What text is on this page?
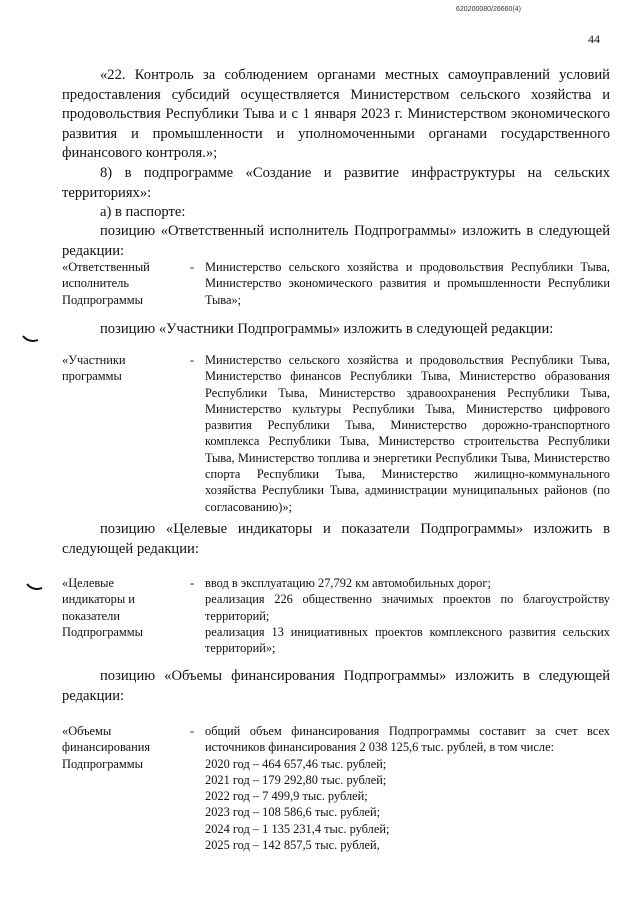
620200080/26660(4)
44

«22. Контроль за соблюдением органами местных самоуправлений условий предоставления субсидий осуществляется Министерством сельского хозяйства и продовольствия Республики Тыва и с 1 января 2023 г. Министерством экономического развития и промышленности и уполномоченными органами государственного финансового контроля.»;

8) в подпрограмме «Создание и развитие инфраструктуры на сельских территориях»:

а) в паспорте:

позицию «Ответственный исполнитель Подпрограммы» изложить в следующей редакции:

«Ответственный исполнитель Подпрограммы
- Министерство сельского хозяйства и продовольствия Республики Тыва, Министерство экономического развития и промышленности Республики Тыва»;

позицию «Участники Подпрограммы» изложить в следующей редакции:

«Участники программы
- Министерство сельского хозяйства и продовольствия Республики Тыва, Министерство финансов Республики Тыва, Министерство образования Республики Тыва, Министерство здравоохранения Республики Тыва, Министерство культуры Республики Тыва, Министерство цифрового развития Республики Тыва, Министерство дорожно-транспортного комплекса Республики Тыва, Министерство строительства Республики Тыва, Министерство топлива и энергетики Республики Тыва, Министерство спорта Республики Тыва, Министерство жилищно-коммунального хозяйства Республики Тыва, администрации муниципальных районов (по согласованию)»;

позицию «Целевые индикаторы и показатели Подпрограммы» изложить в следующей редакции:

«Целевые индикаторы и показатели Подпрограммы
- ввод в эксплуатацию 27,792 км автомобильных дорог;

реализация 226 общественно значимых проектов по благоустройству территорий;

реализация 13 инициативных проектов комплексного развития сельских территорий»;

позицию «Объемы финансирования Подпрограммы» изложить в следующей редакции:

«Объемы финансирования Подпрограммы
- общий объем финансирования Подпрограммы составит за счет всех источников финансирования 2 038 125,6 тыс. рублей, в том числе:

2020 год – 464 657,46 тыс. рублей;

2021 год – 179 292,80 тыс. рублей;

2022 год – 7 499,9 тыс. рублей;

2023 год – 108 586,6 тыс. рублей;

2024 год – 1 135 231,4 тыс. рублей;

2025 год – 142 857,5 тыс. рублей,
